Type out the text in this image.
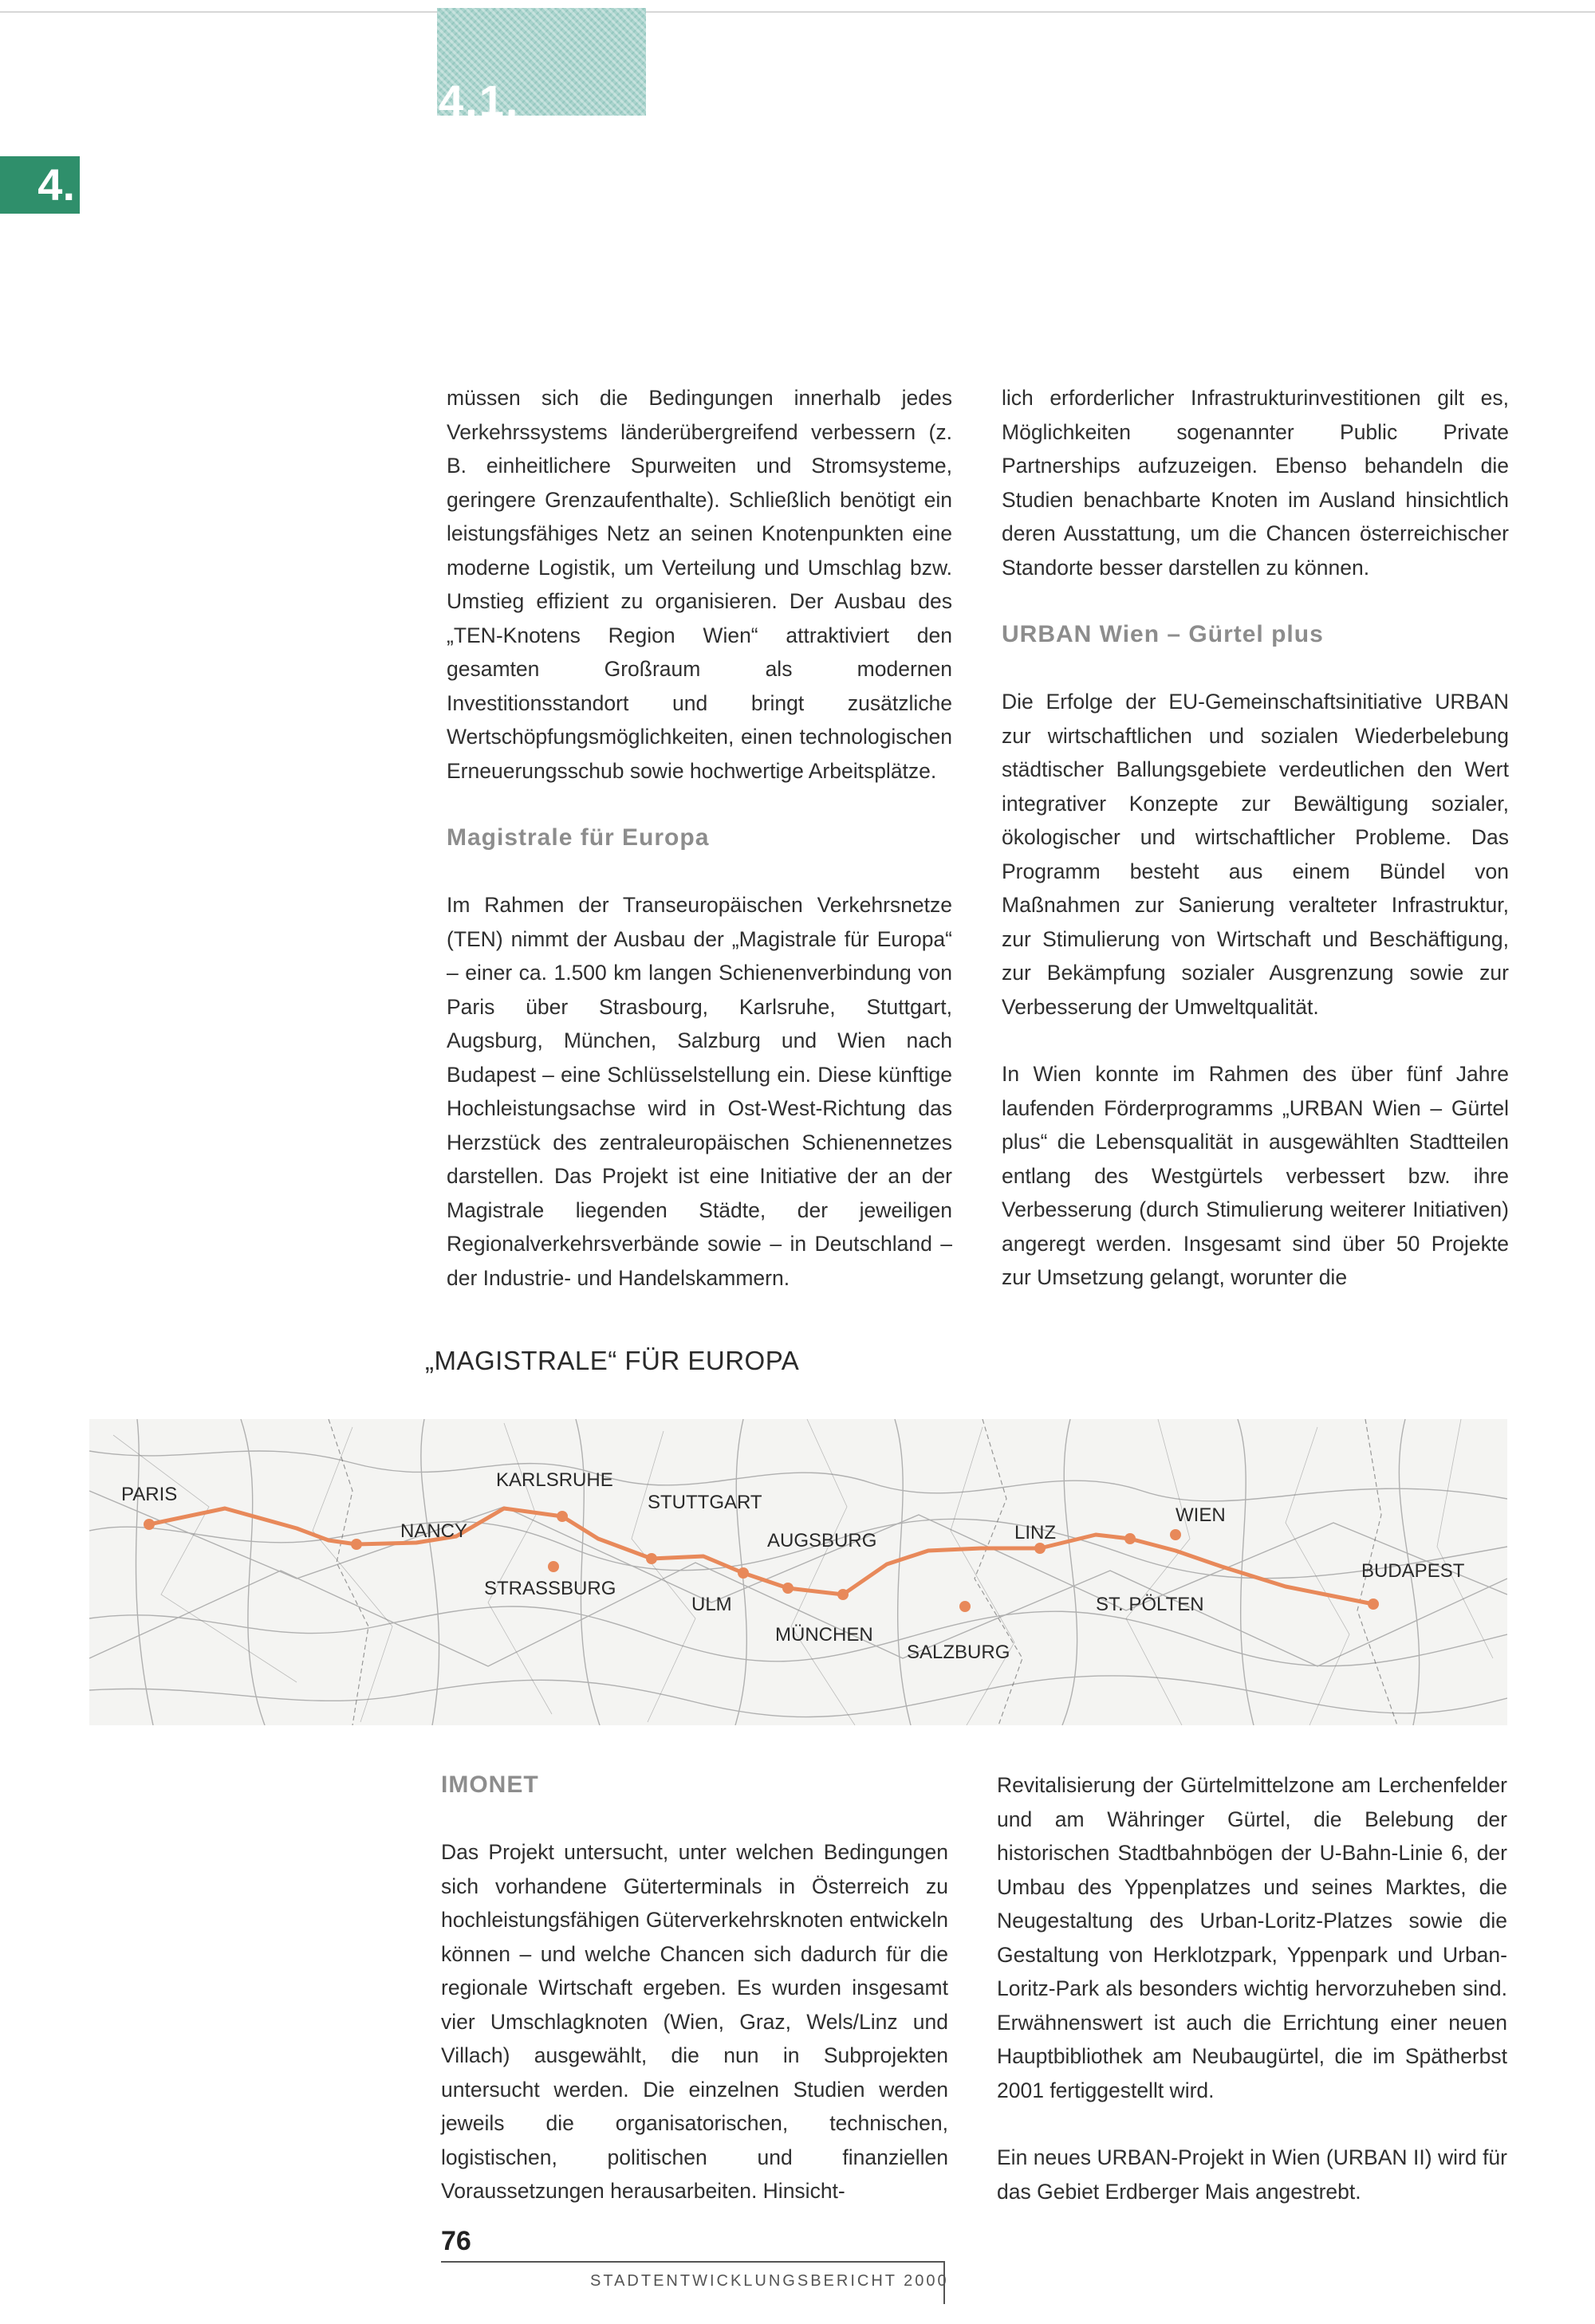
4.1.
4.

müssen sich die Bedingungen innerhalb jedes Verkehrssystems länderübergreifend verbessern (z. B. einheitlichere Spurweiten und Stromsysteme, geringere Grenzaufenthalte). Schließlich benötigt ein leistungsfähiges Netz an seinen Knotenpunkten eine moderne Logistik, um Verteilung und Umschlag bzw. Umstieg effizient zu organisieren. Der Ausbau des „TEN-Knotens Region Wien“ attraktiviert den gesamten Großraum als modernen Investitionsstandort und bringt zusätzliche Wertschöpfungsmöglichkeiten, einen technologischen Erneuerungsschub sowie hochwertige Arbeitsplätze.

Magistrale für Europa

Im Rahmen der Transeuropäischen Verkehrsnetze (TEN) nimmt der Ausbau der „Magistrale für Europa“ – einer ca. 1.500 km langen Schienenverbindung von Paris über Strasbourg, Karlsruhe, Stuttgart, Augsburg, München, Salzburg und Wien nach Budapest – eine Schlüsselstellung ein. Diese künftige Hochleistungsachse wird in Ost-West-Richtung das Herzstück des zentraleuropäischen Schienennetzes darstellen. Das Projekt ist eine Initiative der an der Magistrale liegenden Städte, der jeweiligen Regionalverkehrsverbände sowie – in Deutschland – der Industrie- und Handelskammern.

lich erforderlicher Infrastrukturinvestitionen gilt es, Möglichkeiten sogenannter Public Private Partnerships aufzuzeigen. Ebenso behandeln die Studien benachbarte Knoten im Ausland hinsichtlich deren Ausstattung, um die Chancen österreichischer Standorte besser darstellen zu können.

URBAN Wien – Gürtel plus

Die Erfolge der EU-Gemeinschaftsinitiative URBAN zur wirtschaftlichen und sozialen Wiederbelebung städtischer Ballungsgebiete verdeutlichen den Wert integrativer Konzepte zur Bewältigung sozialer, ökologischer und wirtschaftlicher Probleme. Das Programm besteht aus einem Bündel von Maßnahmen zur Sanierung veralteter Infrastruktur, zur Stimulierung von Wirtschaft und Beschäftigung, zur Bekämpfung sozialer Ausgrenzung sowie zur Verbesserung der Umweltqualität.

In Wien konnte im Rahmen des über fünf Jahre laufenden Förderprogramms „URBAN Wien – Gürtel plus“ die Lebensqualität in ausgewählten Stadtteilen entlang des Westgürtels verbessert bzw. ihre Verbesserung (durch Stimulierung weiterer Initiativen) angeregt werden. Insgesamt sind über 50 Projekte zur Umsetzung gelangt, worunter die

„MAGISTRALE“ FÜR EUROPA
PARIS
NANCY
KARLSRUHE
STRASSBURG
STUTTGART
ULM
AUGSBURG
MÜNCHEN
SALZBURG
LINZ
ST. PÖLTEN
WIEN
BUDAPEST
IMONET

Das Projekt untersucht, unter welchen Bedingungen sich vorhandene Güterterminals in Österreich zu hochleistungsfähigen Güterverkehrsknoten entwickeln können – und welche Chancen sich dadurch für die regionale Wirtschaft ergeben. Es wurden insgesamt vier Umschlagknoten (Wien, Graz, Wels/Linz und Villach) ausgewählt, die nun in Subprojekten untersucht werden. Die einzelnen Studien werden jeweils die organisatorischen, technischen, logistischen, politischen und finanziellen Voraussetzungen herausarbeiten. Hinsicht-

Revitalisierung der Gürtelmittelzone am Lerchenfelder und am Währinger Gürtel, die Belebung der historischen Stadtbahnbögen der U-Bahn-Linie 6, der Umbau des Yppenplatzes und seines Marktes, die Neugestaltung des Urban-Loritz-Platzes sowie die Gestaltung von Herklotzpark, Yppenpark und Urban-Loritz-Park als besonders wichtig hervorzuheben sind. Erwähnenswert ist auch die Errichtung einer neuen Hauptbibliothek am Neubaugürtel, die im Spätherbst 2001 fertiggestellt wird.

Ein neues URBAN-Projekt in Wien (URBAN II) wird für das Gebiet Erdberger Mais angestrebt.

76
STADTENTWICKLUNGSBERICHT 2000
